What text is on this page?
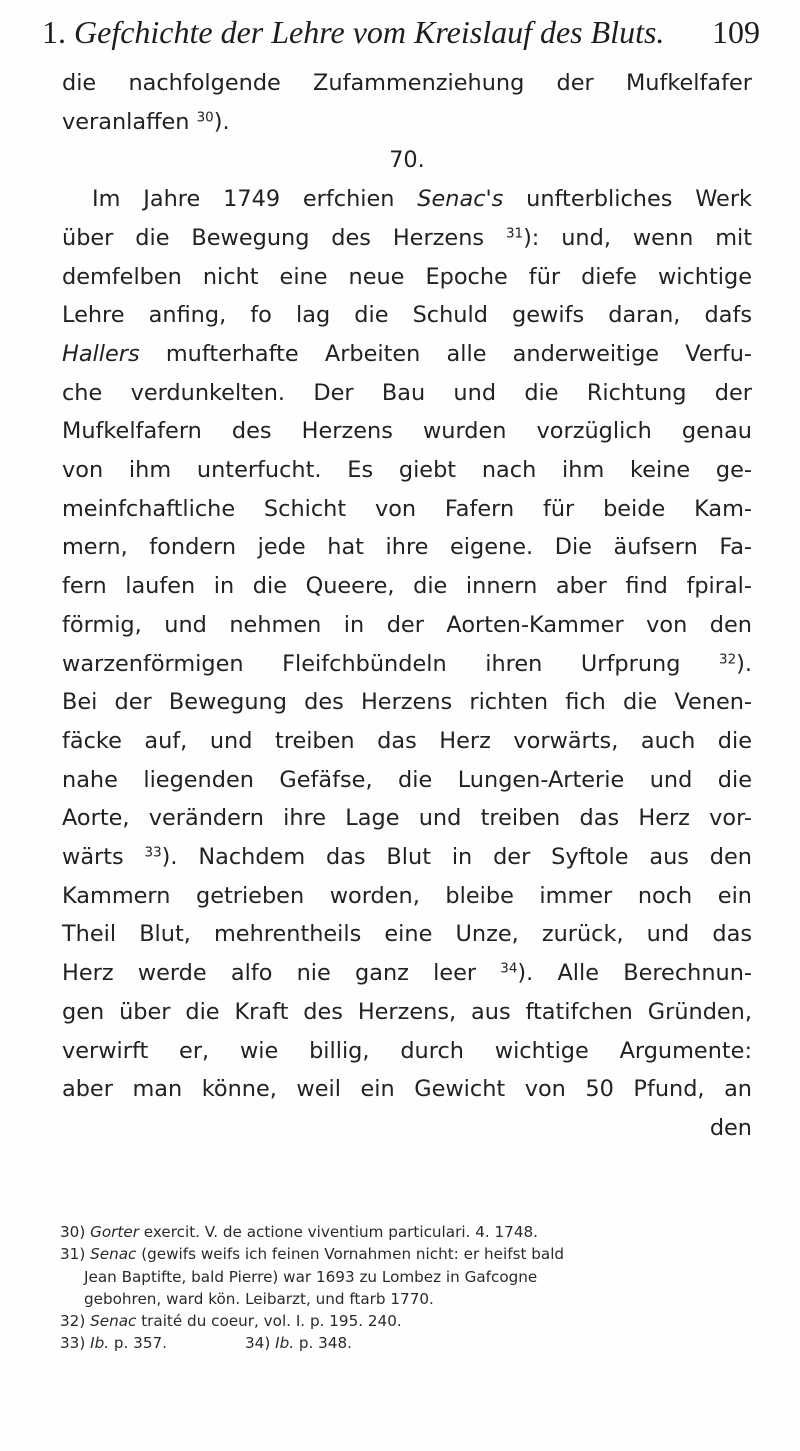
1. Gefchichte der Lehre vom Kreislauf des Bluts. 109
die nachfolgende Zufammenziehung der Mufkelfafer
veranlaffen $^{30}$).
70.
Im Jahre 1749 erfchien Senac's unfterbliches Werk
über die Bewegung des Herzens $^{31}$): und, wenn mit
demfelben nicht eine neue Epoche für diefe wichtige
Lehre anfing, fo lag die Schuld gewifs daran, dafs
Hallers mufterhafte Arbeiten alle anderweitige Verfu-
che verdunkelten. Der Bau und die Richtung der
Mufkelfafern des Herzens wurden vorzüglich genau
von ihm unterfucht. Es giebt nach ihm keine ge-
meinfchaftliche Schicht von Fafern für beide Kam-
mern, fondern jede hat ihre eigene. Die äufsern Fa-
fern laufen in die Queere, die innern aber find fpiral-
förmig, und nehmen in der Aorten-Kammer von den
warzenförmigen Fleifchbündeln ihren Urfprung	$^{32}$).
Bei der Bewegung des Herzens richten fich die Venen-
fäcke auf, und treiben das Herz vorwärts, auch die
nahe liegenden Gefäfse, die Lungen-Arterie und die
Aorte, verändern ihre Lage und treiben das Herz vor-
wärts $^{33}$). Nachdem das Blut in der Syftole aus den
Kammern getrieben worden, bleibe immer noch ein
Theil Blut, mehrentheils eine Unze, zurück, und das
Herz werde alfo nie ganz leer $^{34}$). Alle Berechnun-
gen über die Kraft des Herzens, aus ftatifchen Gründen,
verwirft er, wie billig, durch wichtige Argumente:
aber man könne, weil ein Gewicht von 50 Pfund, an
den
30) Gorter exercit. V. de actione viventium particulari. 4. 1748.
31) Senac (gewifs weifs ich feinen Vornahmen nicht: er heifst bald
Jean Baptifte, bald Pierre) war 1693 zu Lombez in Gafcogne
gebohren, ward kön. Leibarzt, und ftarb 1770.
32) Senac traité du coeur, vol. I. p. 195. 240.
33) Ib. p. 357.	34) Ib. p. 348.
